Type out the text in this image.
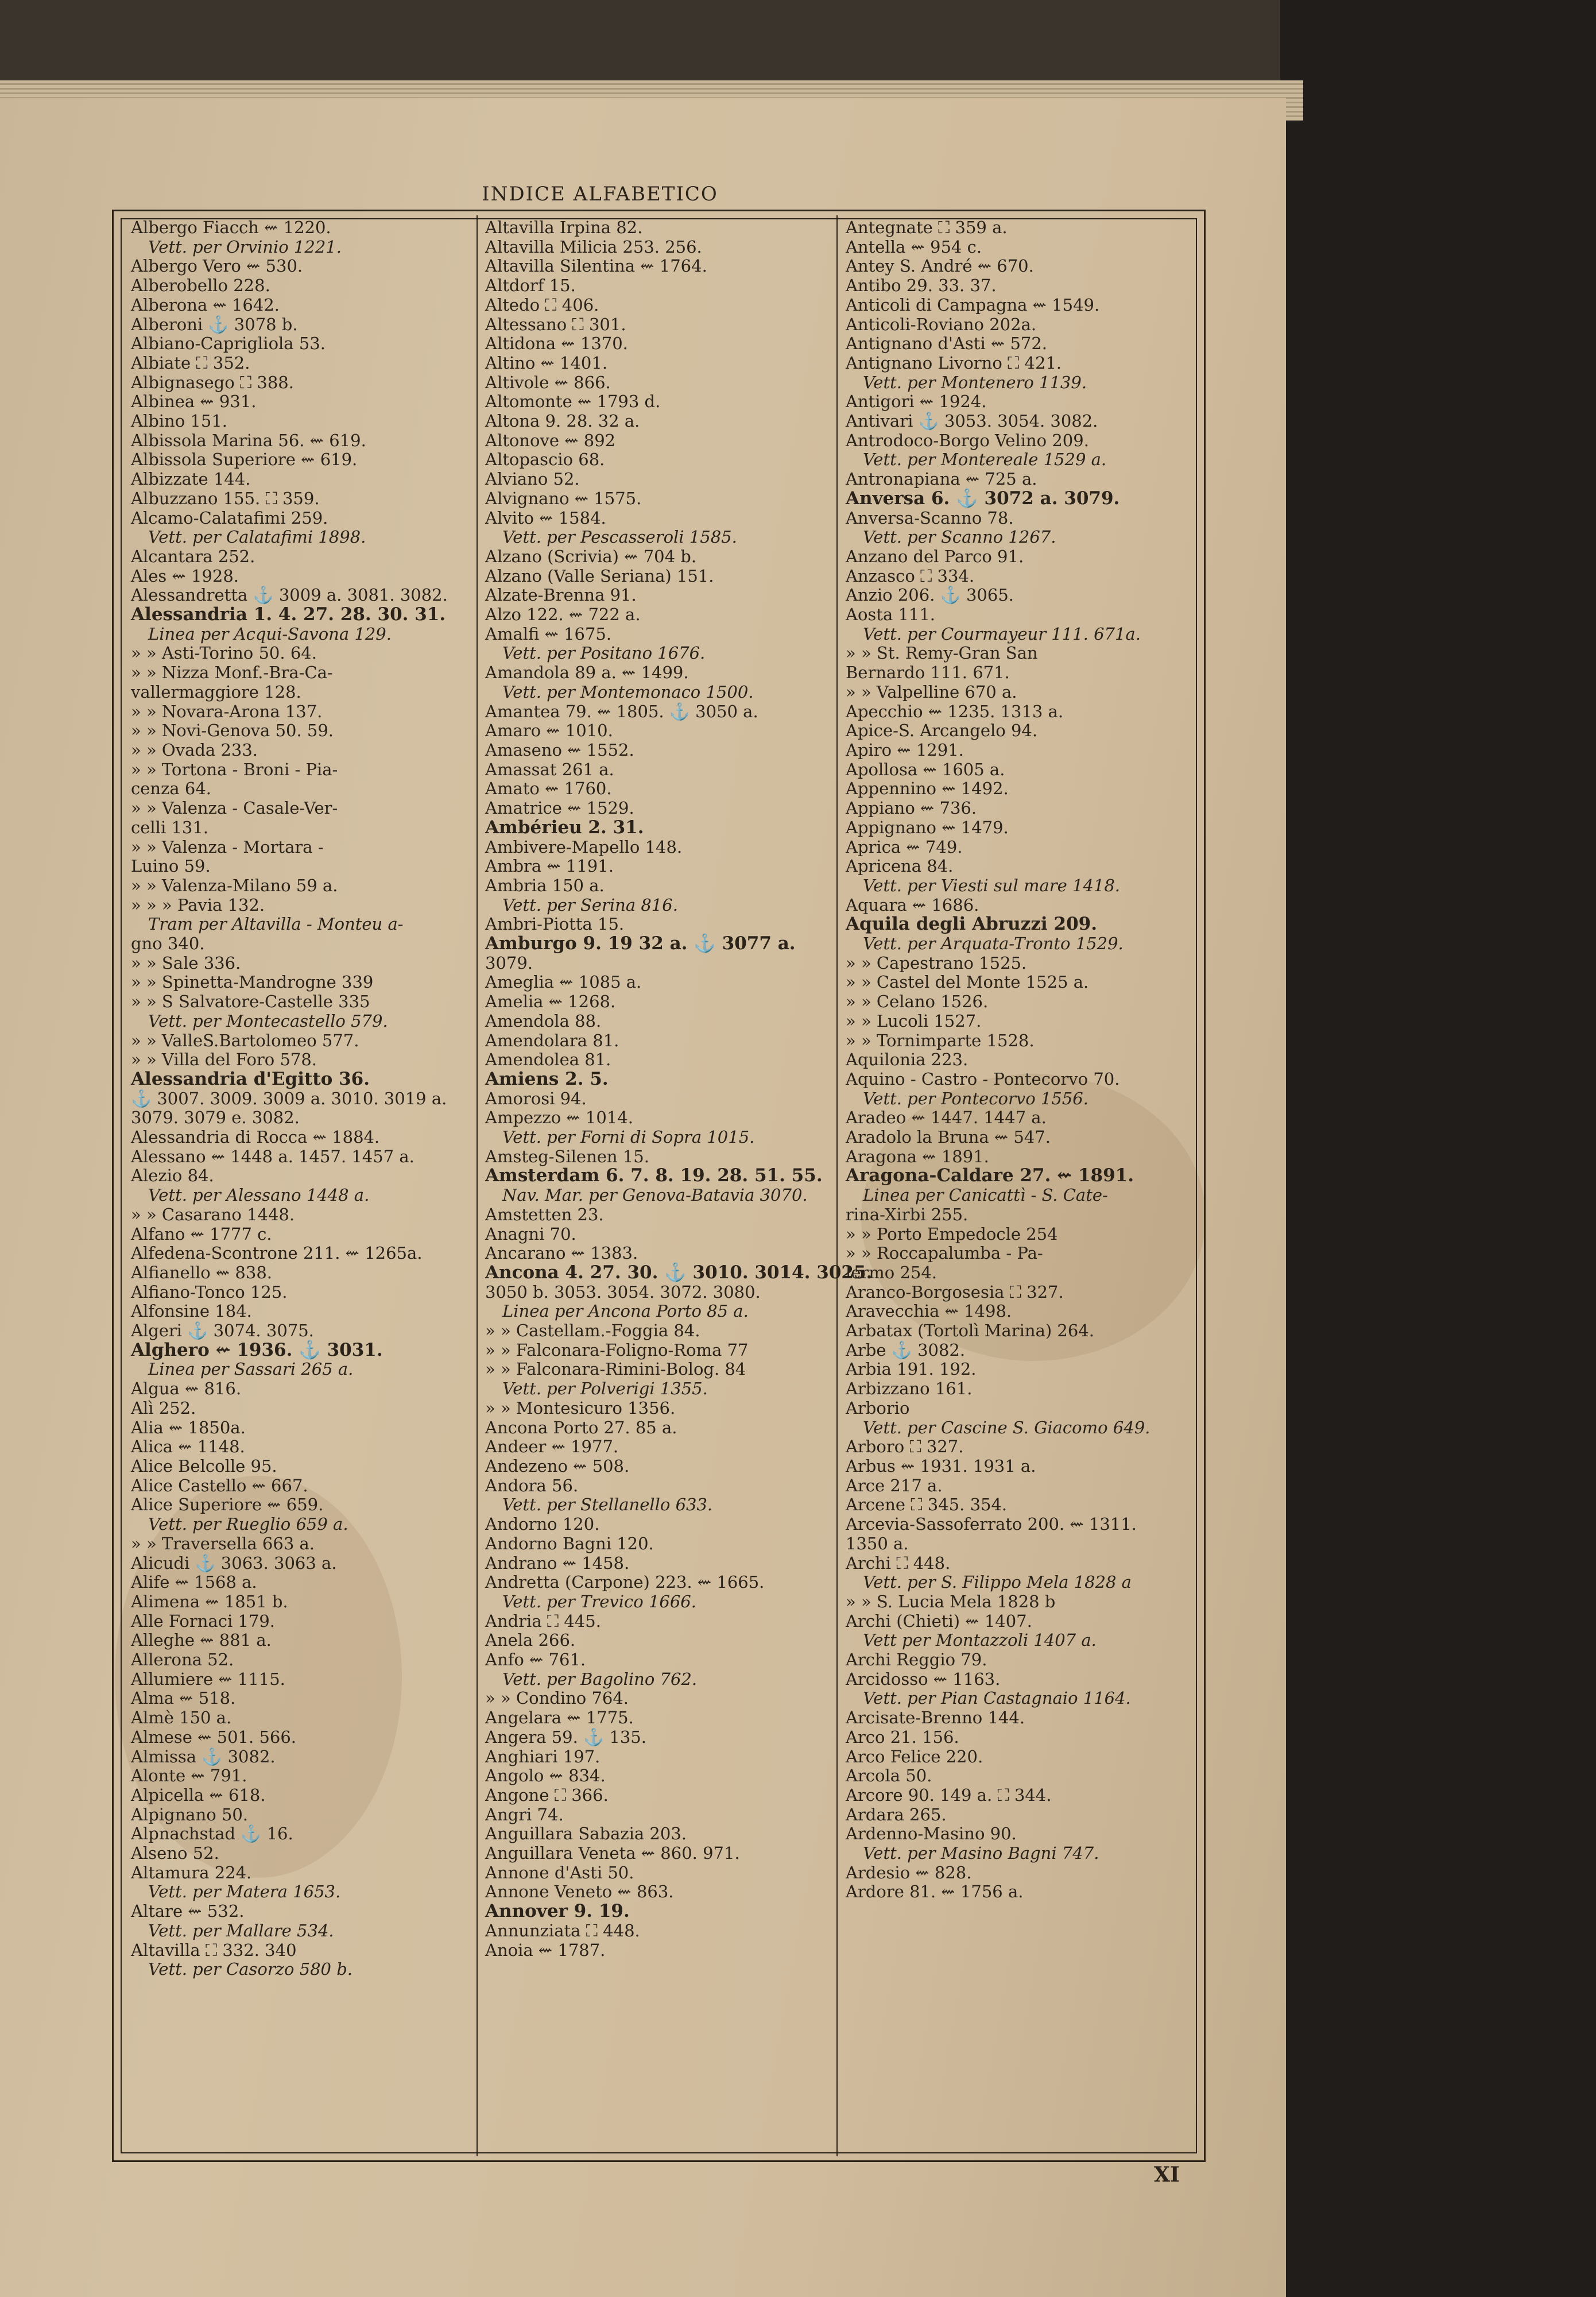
INDICE ALFABETICO
Albergo Fiacch ⇜ 1220.
Vett. per Orvinio 1221.
Albergo Vero ⇜ 530.
Alberobello 228.
Alberona ⇜ 1642.
Alberoni ⚓ 3078 b.
Albiano-Caprigliola 53.
Albiate ⛶ 352.
Albignasego ⛶ 388.
Albinea ⇜ 931.
Albino 151.
Albissola Marina 56. ⇜ 619.
Albissola Superiore ⇜ 619.
Albizzate 144.
Albuzzano 155. ⛶ 359.
Alcamo-Calatafimi 259.
Vett. per Calatafimi 1898.
Alcantara 252.
Ales ⇜ 1928.
Alessandretta ⚓ 3009 a. 3081. 3082.
Alessandria 1. 4. 27. 28. 30. 31.
Linea per Acqui-Savona 129.
» » Asti-Torino 50. 64.
» » Nizza Monf.-Bra-Ca-
vallermaggiore 128.
» » Novara-Arona 137.
» » Novi-Genova 50. 59.
» » Ovada 233.
» » Tortona - Broni - Pia-
cenza 64.
» » Valenza - Casale-Ver-
celli 131.
» » Valenza - Mortara -
Luino 59.
» » Valenza-Milano 59 a.
» » » Pavia 132.
Tram per Altavilla - Monteu a-
gno 340.
» » Sale 336.
» » Spinetta-Mandrogne 339
» » S Salvatore-Castelle 335
Vett. per Montecastello 579.
» » ValleS.Bartolomeo 577.
» » Villa del Foro 578.
Alessandria d'Egitto 36.
⚓ 3007. 3009. 3009 a. 3010. 3019 a.
3079. 3079 e. 3082.
Alessandria di Rocca ⇜ 1884.
Alessano ⇜ 1448 a. 1457. 1457 a.
Alezio 84.
Vett. per Alessano 1448 a.
» » Casarano 1448.
Alfano ⇜ 1777 c.
Alfedena-Scontrone 211. ⇜ 1265a.
Alfianello ⇜ 838.
Alfiano-Tonco 125.
Alfonsine 184.
Algeri ⚓ 3074. 3075.
Alghero ⇜ 1936. ⚓ 3031.
Linea per Sassari 265 a.
Algua ⇜ 816.
Alì 252.
Alia ⇜ 1850a.
Alica ⇜ 1148.
Alice Belcolle 95.
Alice Castello ⇜ 667.
Alice Superiore ⇜ 659.
Vett. per Rueglio 659 a.
» » Traversella 663 a.
Alicudi ⚓ 3063. 3063 a.
Alife ⇜ 1568 a.
Alimena ⇜ 1851 b.
Alle Fornaci 179.
Alleghe ⇜ 881 a.
Allerona 52.
Allumiere ⇜ 1115.
Alma ⇜ 518.
Almè 150 a.
Almese ⇜ 501. 566.
Almissa ⚓ 3082.
Alonte ⇜ 791.
Alpicella ⇜ 618.
Alpignano 50.
Alpnachstad ⚓ 16.
Alseno 52.
Altamura 224.
Vett. per Matera 1653.
Altare ⇜ 532.
Vett. per Mallare 534.
Altavilla ⛶ 332. 340
Vett. per Casorzo 580 b.
Altavilla Irpina 82.
Altavilla Milicia 253. 256.
Altavilla Silentina ⇜ 1764.
Altdorf 15.
Altedo ⛶ 406.
Altessano ⛶ 301.
Altidona ⇜ 1370.
Altino ⇜ 1401.
Altivole ⇜ 866.
Altomonte ⇜ 1793 d.
Altona 9. 28. 32 a.
Altonove ⇜ 892
Altopascio 68.
Alviano 52.
Alvignano ⇜ 1575.
Alvito ⇜ 1584.
Vett. per Pescasseroli 1585.
Alzano (Scrivia) ⇜ 704 b.
Alzano (Valle Seriana) 151.
Alzate-Brenna 91.
Alzo 122. ⇜ 722 a.
Amalfi ⇜ 1675.
Vett. per Positano 1676.
Amandola 89 a. ⇜ 1499.
Vett. per Montemonaco 1500.
Amantea 79. ⇜ 1805. ⚓ 3050 a.
Amaro ⇜ 1010.
Amaseno ⇜ 1552.
Amassat 261 a.
Amato ⇜ 1760.
Amatrice ⇜ 1529.
Ambérieu 2. 31.
Ambivere-Mapello 148.
Ambra ⇜ 1191.
Ambria 150 a.
Vett. per Serina 816.
Ambri-Piotta 15.
Amburgo 9. 19 32 a. ⚓ 3077 a.
3079.
Ameglia ⇜ 1085 a.
Amelia ⇜ 1268.
Amendola 88.
Amendolara 81.
Amendolea 81.
Amiens 2. 5.
Amorosi 94.
Ampezzo ⇜ 1014.
Vett. per Forni di Sopra 1015.
Amsteg-Silenen 15.
Amsterdam 6. 7. 8. 19. 28. 51. 55.
Nav. Mar. per Genova-Batavia 3070.
Amstetten 23.
Anagni 70.
Ancarano ⇜ 1383.
Ancona 4. 27. 30. ⚓ 3010. 3014. 3025.
3050 b. 3053. 3054. 3072. 3080.
Linea per Ancona Porto 85 a.
» » Castellam.-Foggia 84.
» » Falconara-Foligno-Roma 77
» » Falconara-Rimini-Bolog. 84
Vett. per Polverigi 1355.
» » Montesicuro 1356.
Ancona Porto 27. 85 a.
Andeer ⇜ 1977.
Andezeno ⇜ 508.
Andora 56.
Vett. per Stellanello 633.
Andorno 120.
Andorno Bagni 120.
Andrano ⇜ 1458.
Andretta (Carpone) 223. ⇜ 1665.
Vett. per Trevico 1666.
Andria ⛶ 445.
Anela 266.
Anfo ⇜ 761.
Vett. per Bagolino 762.
» » Condino 764.
Angelara ⇜ 1775.
Angera 59. ⚓ 135.
Anghiari 197.
Angolo ⇜ 834.
Angone ⛶ 366.
Angri 74.
Anguillara Sabazia 203.
Anguillara Veneta ⇜ 860. 971.
Annone d'Asti 50.
Annone Veneto ⇜ 863.
Annover 9. 19.
Annunziata ⛶ 448.
Anoia ⇜ 1787.
Antegnate ⛶ 359 a.
Antella ⇜ 954 c.
Antey S. André ⇜ 670.
Antibo 29. 33. 37.
Anticoli di Campagna ⇜ 1549.
Anticoli-Roviano 202a.
Antignano d'Asti ⇜ 572.
Antignano Livorno ⛶ 421.
Vett. per Montenero 1139.
Antigori ⇜ 1924.
Antivari ⚓ 3053. 3054. 3082.
Antrodoco-Borgo Velino 209.
Vett. per Montereale 1529 a.
Antronapiana ⇜ 725 a.
Anversa 6. ⚓ 3072 a. 3079.
Anversa-Scanno 78.
Vett. per Scanno 1267.
Anzano del Parco 91.
Anzasco ⛶ 334.
Anzio 206. ⚓ 3065.
Aosta 111.
Vett. per Courmayeur 111. 671a.
» » St. Remy-Gran San
Bernardo 111. 671.
» » Valpelline 670 a.
Apecchio ⇜ 1235. 1313 a.
Apice-S. Arcangelo 94.
Apiro ⇜ 1291.
Apollosa ⇜ 1605 a.
Appennino ⇜ 1492.
Appiano ⇜ 736.
Appignano ⇜ 1479.
Aprica ⇜ 749.
Apricena 84.
Vett. per Viesti sul mare 1418.
Aquara ⇜ 1686.
Aquila degli Abruzzi 209.
Vett. per Arquata-Tronto 1529.
» » Capestrano 1525.
» » Castel del Monte 1525 a.
» » Celano 1526.
» » Lucoli 1527.
» » Tornimparte 1528.
Aquilonia 223.
Aquino - Castro - Pontecorvo 70.
Vett. per Pontecorvo 1556.
Aradeo ⇜ 1447. 1447 a.
Aradolo la Bruna ⇜ 547.
Aragona ⇜ 1891.
Aragona-Caldare 27. ⇜ 1891.
Linea per Canicattì - S. Cate-
rina-Xirbi 255.
» » Porto Empedocle 254
» » Roccapalumba - Pa-
lermo 254.
Aranco-Borgosesia ⛶ 327.
Aravecchia ⇜ 1498.
Arbatax (Tortolì Marina) 264.
Arbe ⚓ 3082.
Arbia 191. 192.
Arbizzano 161.
Arborio
Vett. per Cascine S. Giacomo 649.
Arboro ⛶ 327.
Arbus ⇜ 1931. 1931 a.
Arce 217 a.
Arcene ⛶ 345. 354.
Arcevia-Sassoferrato 200. ⇜ 1311.
1350 a.
Archi ⛶ 448.
Vett. per S. Filippo Mela 1828 a
» » S. Lucia Mela 1828 b
Archi (Chieti) ⇜ 1407.
Vett per Montazzoli 1407 a.
Archi Reggio 79.
Arcidosso ⇜ 1163.
Vett. per Pian Castagnaio 1164.
Arcisate-Brenno 144.
Arco 21. 156.
Arco Felice 220.
Arcola 50.
Arcore 90. 149 a. ⛶ 344.
Ardara 265.
Ardenno-Masino 90.
Vett. per Masino Bagni 747.
Ardesio ⇜ 828.
Ardore 81. ⇜ 1756 a.
XI
